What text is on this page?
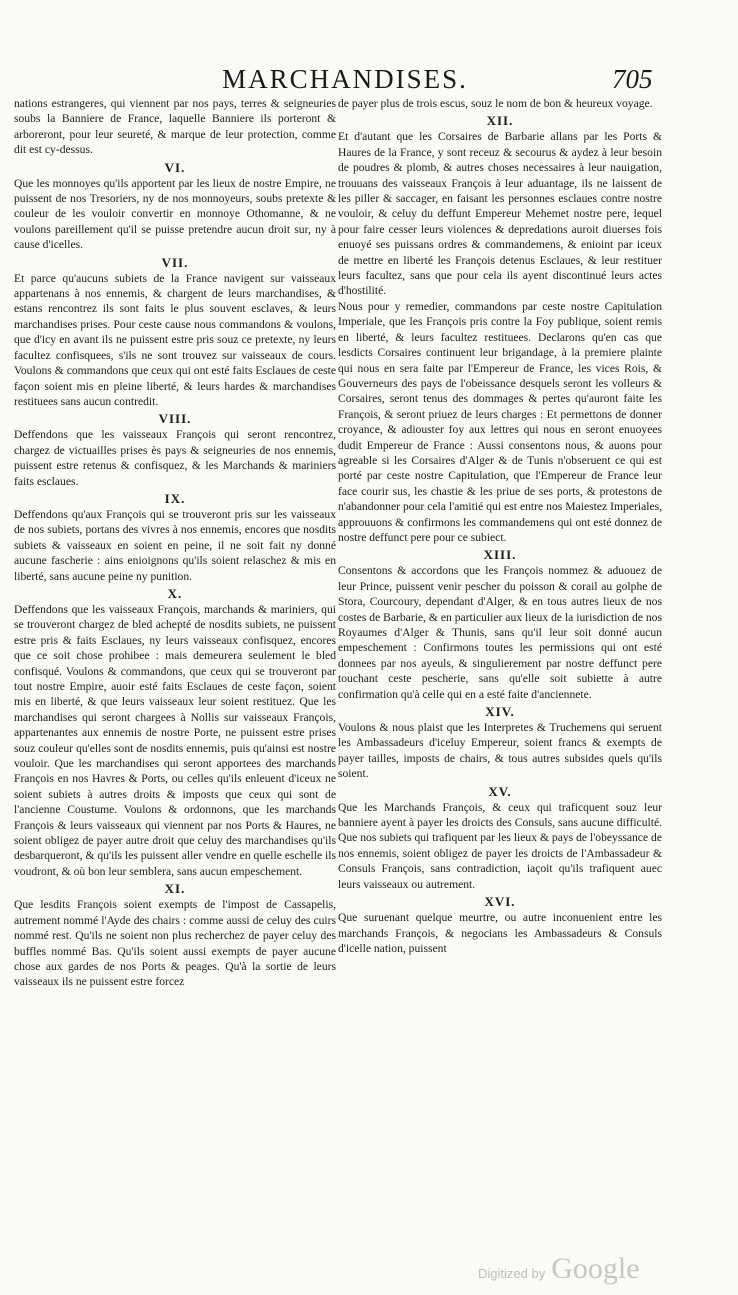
MARCHANDISES.	705

nations estrangeres, qui viennent par nos pays, terres & seigneuries soubs la Banniere de France, laquelle Banniere ils porteront & arboreront, pour leur seureté, & marque de leur protection, comme dit est cy-dessus.

VI.

Que les monnoyes qu'ils apportent par les lieux de nostre Empire, ne puissent de nos Tresoriers, ny de nos monnoyeurs, soubs pretexte & couleur de les vouloir convertir en monnoye Othomanne, & ne voulons pareillement qu'il se puisse pretendre aucun droit sur, ny à cause d'icelles.

VII.

Et parce qu'aucuns subiets de la France navigent sur vaisseaux appartenans à nos ennemis, & chargent de leurs marchandises, & estans rencontrez ils sont faits le plus souvent esclaves, & leurs marchandises prises. Pour ceste cause nous commandons & voulons, que d'icy en avant ils ne puissent estre pris souz ce pretexte, ny leurs facultez confisquees, s'ils ne sont trouvez sur vaisseaux de cours. Voulons & commandons que ceux qui ont esté faits Esclaues de ceste façon soient mis en pleine liberté, & leurs hardes & marchandises restituees sans aucun contredit.

VIII.

Deffendons que les vaisseaux François qui seront rencontrez, chargez de victuailles prises ès pays & seigneuries de nos ennemis, puissent estre retenus & confisquez, & les Marchands & mariniers faits esclaues.

IX.

Deffendons qu'aux François qui se trouveront pris sur les vaisseaux de nos subiets, portans des vivres à nos ennemis, encores que nosdits subiets & vaisseaux en soient en peine, il ne soit fait ny donné aucune fascherie : ains enioignons qu'ils soient relaschez & mis en liberté, sans aucune peine ny punition.

X.

Deffendons que les vaisseaux François, marchands & mariniers, qui se trouveront chargez de bled achepté de nosdits subiets, ne puissent estre pris & faits Esclaues, ny leurs vaisseaux confisquez, encores que ce soit chose prohibee : mais demeurera seulement le bled confisqué. Voulons & commandons, que ceux qui se trouveront par tout nostre Empire, auoir esté faits Esclaues de ceste façon, soient mis en liberté, & que leurs vaisseaux leur soient restituez. Que les marchandises qui seront chargees à Nollis sur vaisseaux François, appartenantes aux ennemis de nostre Porte, ne puissent estre prises souz couleur qu'elles sont de nosdits ennemis, puis qu'ainsi est nostre vouloir. Que les marchandises qui seront apportees des marchands François en nos Havres & Ports, ou celles qu'ils enleuent d'iceux ne soient subiets à autres droits & imposts que ceux qui sont de l'ancienne Coustume. Voulons & ordonnons, que les marchands François & leurs vaisseaux qui viennent par nos Ports & Haures, ne soient obligez de payer autre droit que celuy des marchandises qu'ils desbarqueront, & qu'ils les puissent aller vendre en quelle eschelle ils voudront, & où bon leur semblera, sans aucun empeschement.

XI.

Que lesdits François soient exempts de l'impost de Cassapelis, autrement nommé l'Ayde des chairs : comme aussi de celuy des cuirs nommé rest. Qu'ils ne soient non plus recherchez de payer celuy des buffles nommé Bas. Qu'ils soient aussi exempts de payer aucune chose aux gardes de nos Ports & peages. Qu'à la sortie de leurs vaisseaux ils ne puissent estre forcez

de payer plus de trois escus, souz le nom de bon & heureux voyage.

XII.

Et d'autant que les Corsaires de Barbarie allans par les Ports & Haures de la France, y sont receuz & secourus & aydez à leur besoin de poudres & plomb, & autres choses necessaires à leur nauigation, trouuans des vaisseaux François à leur aduantage, ils ne laissent de les piller & saccager, en faisant les personnes esclaues contre nostre vouloir, & celuy du deffunt Empereur Mehemet nostre pere, lequel pour faire cesser leurs violences & depredations auroit diuerses fois enuoyé ses puissans ordres & commandemens, & enioint par iceux de mettre en liberté les François detenus Esclaues, & leur restituer leurs facultez, sans que pour cela ils ayent discontinué leurs actes d'hostilité.

Nous pour y remedier, commandons par ceste nostre Capitulation Imperiale, que les François pris contre la Foy publique, soient remis en liberté, & leurs facultez restituees. Declarons qu'en cas que lesdicts Corsaires continuent leur brigandage, à la premiere plainte qui nous en sera faite par l'Empereur de France, les vices Rois, & Gouverneurs des pays de l'obeissance desquels seront les volleurs & Corsaires, seront tenus des dommages & pertes qu'auront faite les François, & seront priuez de leurs charges : Et permettons de donner croyance, & adiouster foy aux lettres qui nous en seront enuoyees dudit Empereur de France : Aussi consentons nous, & auons pour agreable si les Corsaires d'Alger & de Tunis n'obseruent ce qui est porté par ceste nostre Capitulation, que l'Empereur de France leur face courir sus, les chastie & les priue de ses ports, & protestons de n'abandonner pour cela l'amitié qui est entre nos Maiestez Imperiales, approuuons & confirmons les commandemens qui ont esté donnez de nostre deffunct pere pour ce subiect.

XIII.

Consentons & accordons que les François nommez & aduouez de leur Prince, puissent venir pescher du poisson & corail au golphe de Stora, Courcoury, dependant d'Alger, & en tous autres lieux de nos costes de Barbarie, & en particulier aux lieux de la iurisdiction de nos Royaumes d'Alger & Thunis, sans qu'il leur soit donné aucun empeschement : Confirmons toutes les permissions qui ont esté donnees par nos ayeuls, & singulierement par nostre deffunct pere touchant ceste pescherie, sans qu'elle soit subiette à autre confirmation qu'à celle qui en a esté faite d'anciennete.

XIV.

Voulons & nous plaist que les Interpretes & Truchemens qui seruent les Ambassadeurs d'iceluy Empereur, soient francs & exempts de payer tailles, imposts de chairs, & tous autres subsides quels qu'ils soient.

XV.

Que les Marchands François, & ceux qui traficquent souz leur banniere ayent à payer les droicts des Consuls, sans aucune difficulté. Que nos subiets qui trafiquent par les lieux & pays de l'obeyssance de nos ennemis, soient obligez de payer les droicts de l'Ambassadeur & Consuls François, sans contradiction, iaçoit qu'ils trafiquent auec leurs vaisseaux ou autrement.

XVI.

Que suruenant quelque meurtre, ou autre inconuenient entre les marchands François, & negocians les Ambassadeurs & Consuls d'icelle nation, puissent

Digitized by Google
